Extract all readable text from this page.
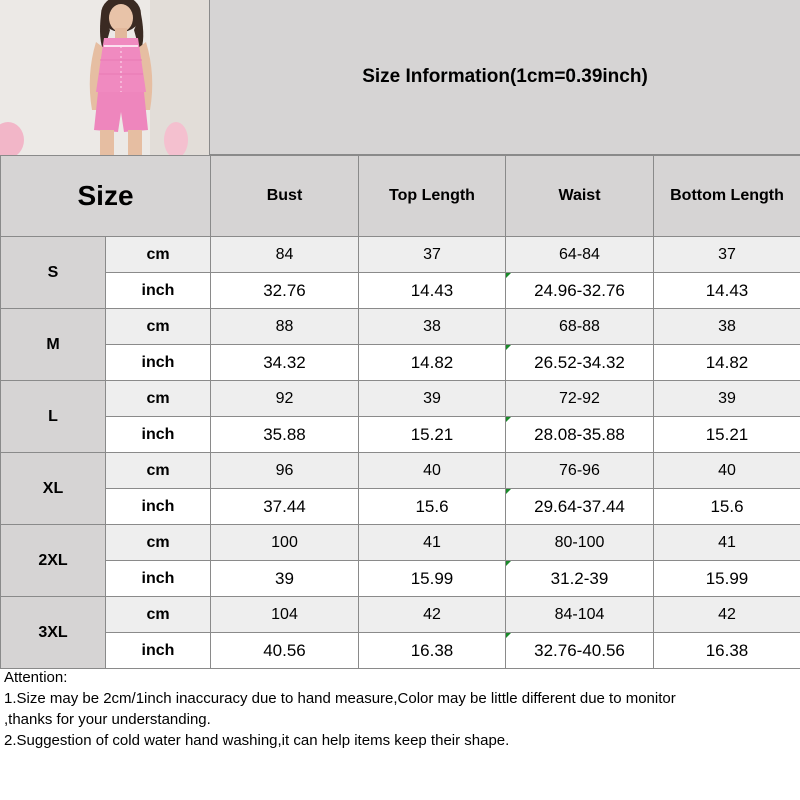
Size Information(1cm=0.39inch)
Size		Bust	Top Length	Waist	Bottom Length
S	cm	84	37	64-84	37
	inch	32.76	14.43	24.96-32.76	14.43
M	cm	88	38	68-88	38
	inch	34.32	14.82	26.52-34.32	14.82
L	cm	92	39	72-92	39
	inch	35.88	15.21	28.08-35.88	15.21
XL	cm	96	40	76-96	40
	inch	37.44	15.6	29.64-37.44	15.6
2XL	cm	100	41	80-100	41
	inch	39	15.99	31.2-39	15.99
3XL	cm	104	42	84-104	42
	inch	40.56	16.38	32.76-40.56	16.38
Attention:
1.Size may be 2cm/1inch inaccuracy due to hand measure,Color may be little different due to monitor
,thanks for your understanding.
2.Suggestion of cold water hand washing,it can help items keep their shape.
